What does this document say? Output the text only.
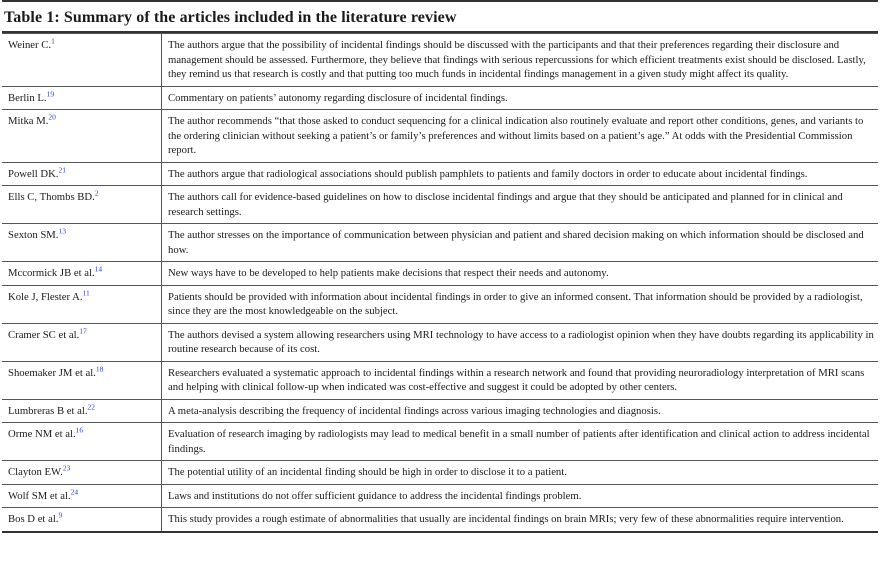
Table 1: Summary of the articles included in the literature review
Weiner C.$^1$	The authors argue that the possibility of incidental findings should be discussed with the participants and that their preferences regarding their disclosure and management should be assessed. Furthermore, they believe that findings with serious repercussions for which efficient treatments exist should be disclosed. Lastly, they remind us that research is costly and that putting too much funds in incidental findings management in a given study might affect its quality.
Berlin L.$^{19}$	Commentary on patients’ autonomy regarding disclosure of incidental findings.
Mitka M.$^{20}$	The author recommends “that those asked to conduct sequencing for a clinical indication also routinely evaluate and report other conditions, genes, and variants to the ordering clinician without seeking a patient’s or family’s preferences and without limits based on a patient’s age.” At odds with the Presidential Commission report.
Powell DK.$^{21}$	The authors argue that radiological associations should publish pamphlets to patients and family doctors in order to educate about incidental findings.
Ells C, Thombs BD.$^2$	The authors call for evidence-based guidelines on how to disclose incidental findings and argue that they should be anticipated and planned for in clinical and research settings.
Sexton SM.$^{13}$	The author stresses on the importance of communication between physician and patient and shared decision making on which information should be disclosed and how.
Mccormick JB et al.$^{14}$	New ways have to be developed to help patients make decisions that respect their needs and autonomy.
Kole J, Flester A.$^{11}$	Patients should be provided with information about incidental findings in order to give an informed consent. That information should be provided by a radiologist, since they are the most knowledgeable on the subject.
Cramer SC et al.$^{17}$	The authors devised a system allowing researchers using MRI technology to have access to a radiologist opinion when they have doubts regarding its applicability in routine research because of its cost.
Shoemaker JM et al.$^{18}$	Researchers evaluated a systematic approach to incidental findings within a research network and found that providing neuroradiology interpretation of MRI scans and helping with clinical follow-up when indicated was cost-effective and suggest it could be adopted by other centers.
Lumbreras B et al.$^{22}$	A meta-analysis describing the frequency of incidental findings across various imaging technologies and diagnosis.
Orme NM et al.$^{16}$	Evaluation of research imaging by radiologists may lead to medical benefit in a small number of patients after identification and clinical action to address incidental findings.
Clayton EW.$^{23}$	The potential utility of an incidental finding should be high in order to disclose it to a patient.
Wolf SM et al.$^{24}$	Laws and institutions do not offer sufficient guidance to address the incidental findings problem.
Bos D et al.$^9$	This study provides a rough estimate of abnormalities that usually are incidental findings on brain MRIs; very few of these abnormalities require intervention.
